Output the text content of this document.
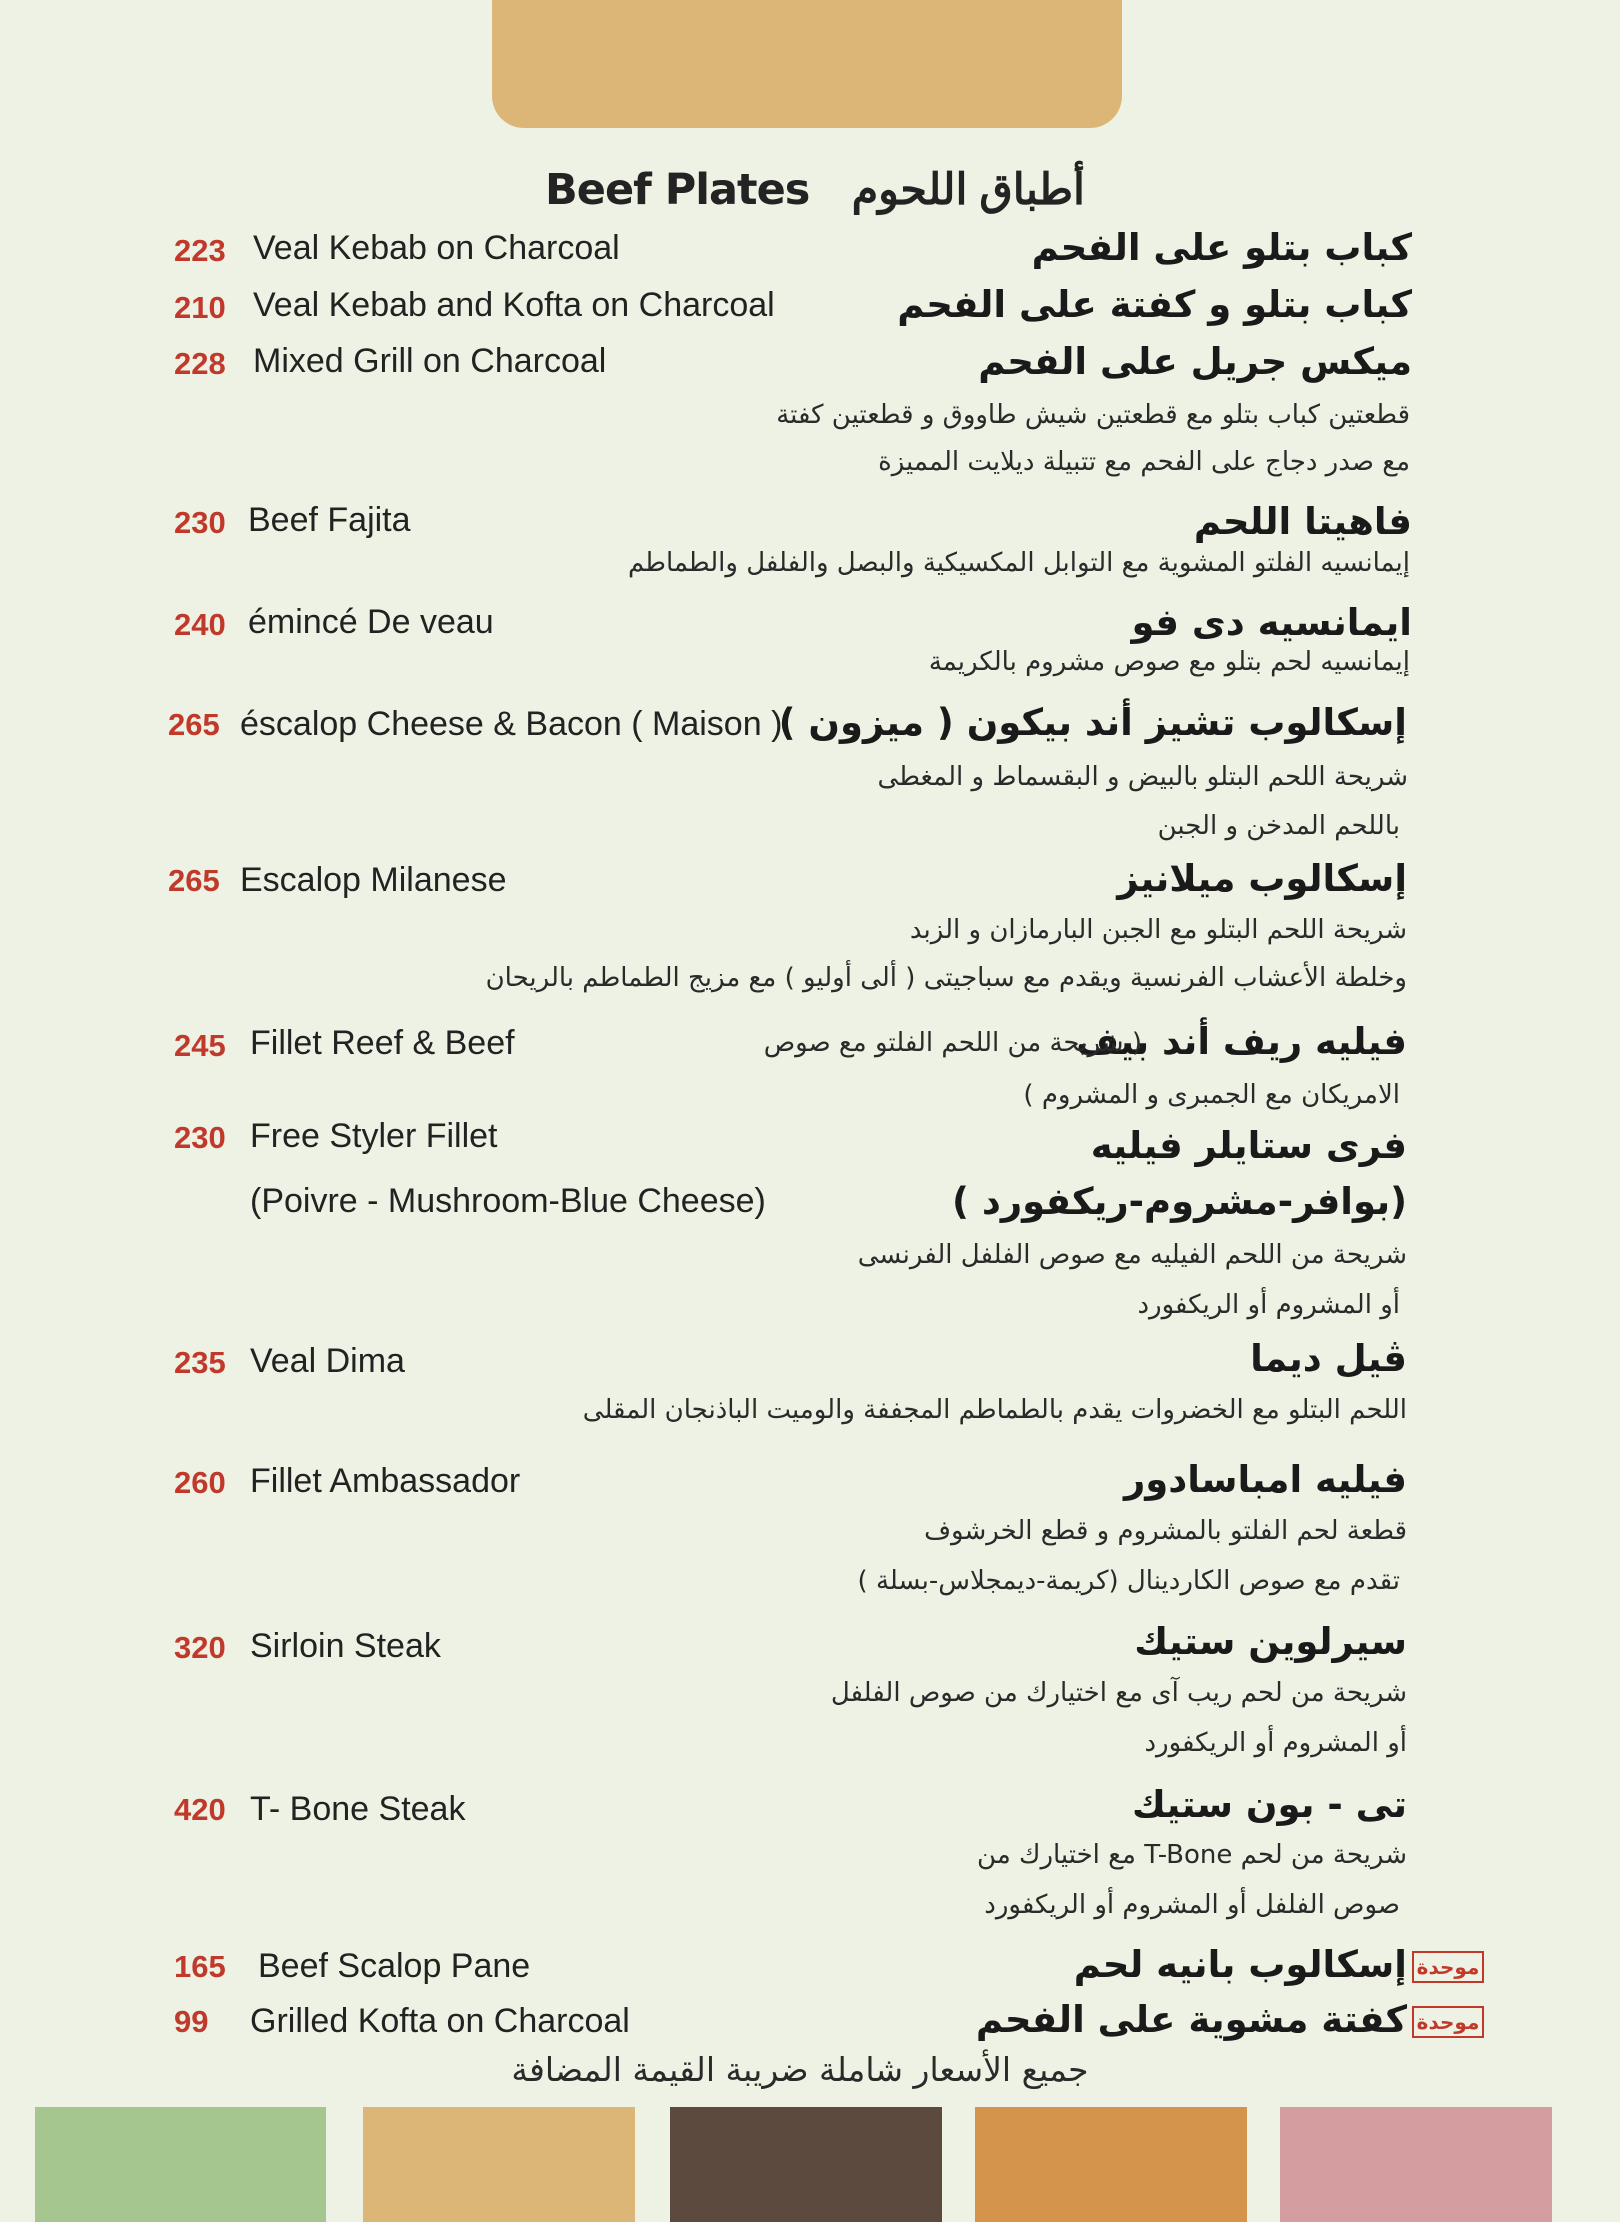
Beef Plates أطباق اللحوم
223 Veal Kebab on Charcoal	كباب بتلو على الفحم
210 Veal Kebab and Kofta on Charcoal	كباب بتلو و كفتة على الفحم
228 Mixed Grill on Charcoal	ميكس جريل على الفحم
قطعتين كباب بتلو مع قطعتين شيش طاووق و قطعتين كفتة
مع صدر دجاج على الفحم مع تتبيلة ديلايت المميزة
230 Beef Fajita	فاهيتا اللحم
إيمانسيه الفلتو المشوية مع التوابل المكسيكية والبصل والفلفل والطماطم
240 émincé De veau	ايمانسيه دى فو
إيمانسيه لحم بتلو مع صوص مشروم بالكريمة
265 éscalop Cheese & Bacon ( Maison )
إسكالوب تشيز أند بيكون ( ميزون )
شريحة اللحم البتلو بالبيض و البقسماط و المغطى
باللحم المدخن و الجبن
265 Escalop Milanese	إسكالوب ميلانيز
شريحة اللحم البتلو مع الجبن البارمازان و الزبد
وخلطة الأعشاب الفرنسية ويقدم مع سباجيتى ( ألى أوليو ) مع مزيج الطماطم بالريحان
245 Fillet Reef & Beef	فيليه ريف أند بيف
( شريحة من اللحم الفلتو مع صوص
الامريكان مع الجمبرى و المشروم )
230 Free Styler Fillet	فرى ستايلر فيليه
(Poivre - Mushroom-Blue Cheese)	(بوافر-مشروم-ريكفورد )
شريحة من اللحم الفيليه مع صوص الفلفل الفرنسى
أو المشروم أو الريكفورد
235 Veal Dima	ڤيل ديما
اللحم البتلو مع الخضروات يقدم بالطماطم المجففة والوميت الباذنجان المقلى
260 Fillet Ambassador	فيليه امباسادور
قطعة لحم الفلتو بالمشروم و قطع الخرشوف
تقدم مع صوص الكاردينال (كريمة-ديمجلاس-بسلة )
320 Sirloin Steak	سيرلوين ستيك
شريحة من لحم ريب آى مع اختيارك من صوص الفلفل
أو المشروم أو الريكفورد
420 T- Bone Steak	تى - بون ستيك
شريحة من لحم T-Bone مع اختيارك من
صوص الفلفل أو المشروم أو الريكفورد
165 Beef Scalop Pane	إسكالوب بانيه لحم موحدة
99	Grilled Kofta on Charcoal	كفتة مشوية على الفحم موحدة
جميع الأسعار شاملة ضريبة القيمة المضافة
